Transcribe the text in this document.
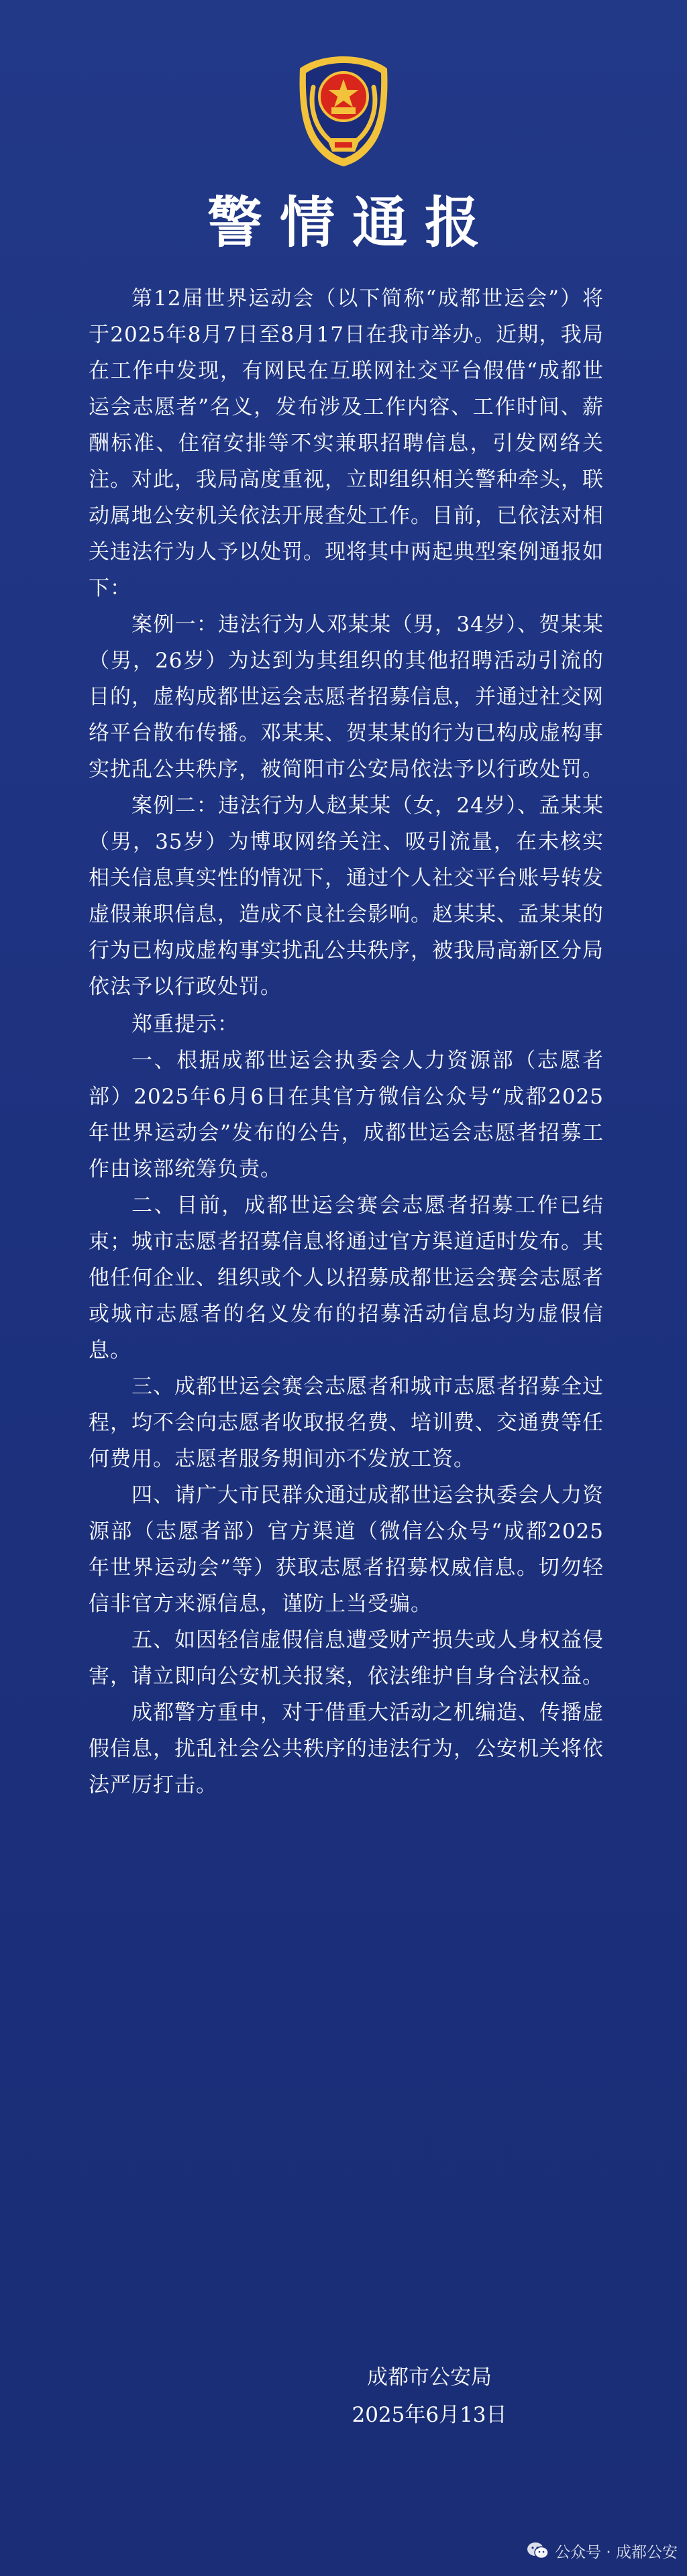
警情通报

第12届世界运动会（以下简称“成都世运会”）将于2025年8月7日至8月17日在我市举办。近期，我局在工作中发现，有网民在互联网社交平台假借“成都世运会志愿者”名义，发布涉及工作内容、工作时间、薪酬标准、住宿安排等不实兼职招聘信息，引发网络关注。对此，我局高度重视，立即组织相关警种牵头，联动属地公安机关依法开展查处工作。目前，已依法对相关违法行为人予以处罚。现将其中两起典型案例通报如下：

案例一：违法行为人邓某某（男，34岁）、贺某某（男，26岁）为达到为其组织的其他招聘活动引流的目的，虚构成都世运会志愿者招募信息，并通过社交网络平台散布传播。邓某某、贺某某的行为已构成虚构事实扰乱公共秩序，被简阳市公安局依法予以行政处罚。

案例二：违法行为人赵某某（女，24岁）、孟某某（男，35岁）为博取网络关注、吸引流量，在未核实相关信息真实性的情况下，通过个人社交平台账号转发虚假兼职信息，造成不良社会影响。赵某某、孟某某的行为已构成虚构事实扰乱公共秩序，被我局高新区分局依法予以行政处罚。

郑重提示：

一、根据成都世运会执委会人力资源部（志愿者部）2025年6月6日在其官方微信公众号“成都2025年世界运动会”发布的公告，成都世运会志愿者招募工作由该部统筹负责。

二、目前，成都世运会赛会志愿者招募工作已结束；城市志愿者招募信息将通过官方渠道适时发布。其他任何企业、组织或个人以招募成都世运会赛会志愿者或城市志愿者的名义发布的招募活动信息均为虚假信息。

三、成都世运会赛会志愿者和城市志愿者招募全过程，均不会向志愿者收取报名费、培训费、交通费等任何费用。志愿者服务期间亦不发放工资。

四、请广大市民群众通过成都世运会执委会人力资源部（志愿者部）官方渠道（微信公众号“成都2025年世界运动会”等）获取志愿者招募权威信息。切勿轻信非官方来源信息，谨防上当受骗。

五、如因轻信虚假信息遭受财产损失或人身权益侵害，请立即向公安机关报案，依法维护自身合法权益。

成都警方重申，对于借重大活动之机编造、传播虚假信息，扰乱社会公共秩序的违法行为，公安机关将依法严厉打击。

成都市公安局
2025年6月13日
公众号 · 成都公安
